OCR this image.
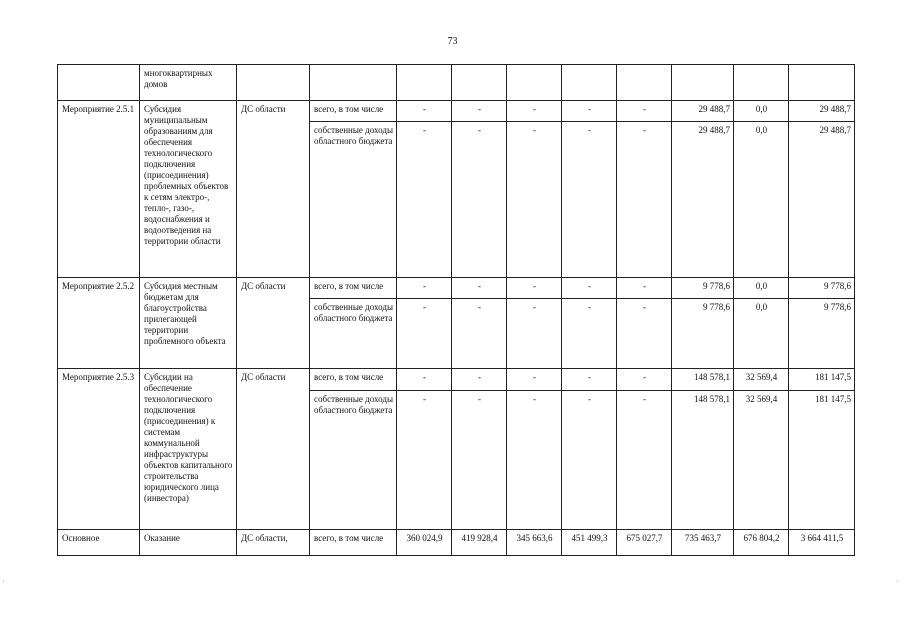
73
	многоквартирных домов										
Мероприятие 2.5.1	Субсидия муниципальным образованиям для обеспечения технологического подключения (присоединения) проблемных объектов к сетям электро-, тепло-, газо-, водоснабжения и водоотведения на территории области	ДС области	всего, в том числе	-	-	-	-	-	29 488,7	0,0	29 488,7
			собственные доходы областного бюджета	-	-	-	-	-	29 488,7	0,0	29 488,7
Мероприятие 2.5.2	Субсидия местным бюджетам для благоустройства прилегающей территории проблемного объекта	ДС области	всего, в том числе	-	-	-	-	-	9 778,6	0,0	9 778,6
			собственные доходы областного бюджета	-	-	-	-	-	9 778,6	0,0	9 778,6
Мероприятие 2.5.3	Субсидии на обеспечение технологического подключения (присоединения) к системам коммунальной инфраструктуры объектов капитального строительства юридического лица (инвестора)	ДС области	всего, в том числе	-	-	-	-	-	148 578,1	32 569,4	181 147,5
			собственные доходы областного бюджета	-	-	-	-	-	148 578,1	32 569,4	181 147,5
Основное	Оказание	ДС области,	всего, в том числе	360 024,9	419 928,4	345 663,6	451 499,3	675 027,7	735 463,7	676 804,2	3 664 411,5
·	·
